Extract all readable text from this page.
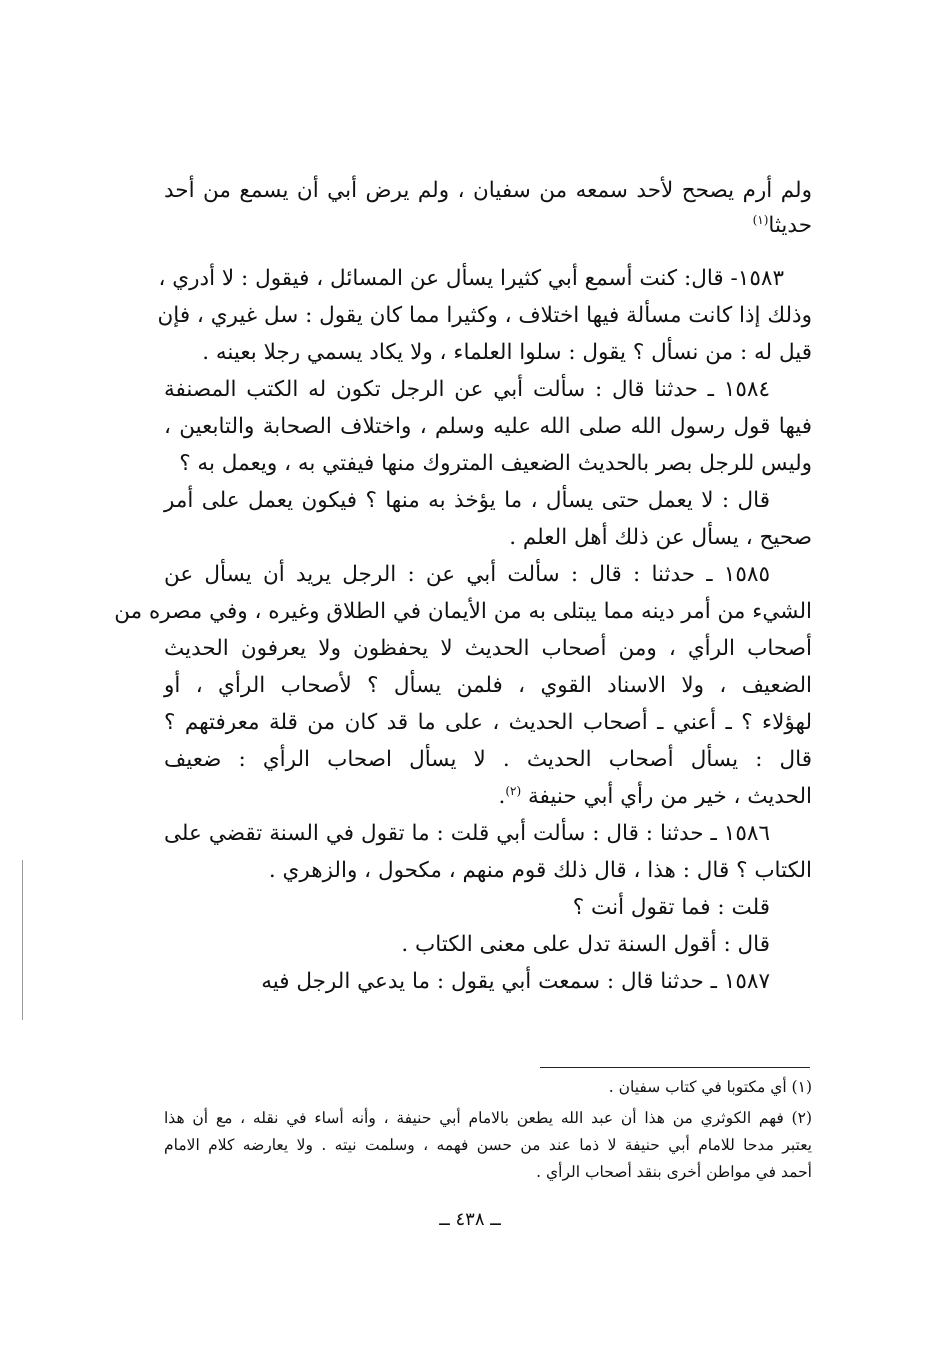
ولم أرم يصحح لأحد سمعه من سفيان ، ولم يرض أبي أن يسمع من أحد
حديثا$^{(١)}$
١٥٨٣- قال: كنت أسمع أبي كثيرا يسأل عن المسائل ، فيقول : لا أدري ،
وذلك إذا كانت مسألة فيها اختلاف ، وكثيرا مما كان يقول : سل غيري ، فإن
قيل له : من نسأل ؟ يقول : سلوا العلماء ، ولا يكاد يسمي رجلا بعينه .
١٥٨٤ ـ حدثنا قال : سألت أبي عن الرجل تكون له الكتب المصنفة
فيها قول رسول الله صلى الله عليه وسلم ، واختلاف الصحابة والتابعين ،
وليس للرجل بصر بالحديث الضعيف المتروك منها فيفتي به ، ويعمل به ؟
قال : لا يعمل حتى يسأل ، ما يؤخذ به منها ؟ فيكون يعمل على أمر
صحيح ، يسأل عن ذلك أهل العلم .
١٥٨٥ ـ حدثنا : قال : سألت أبي عن : الرجل يريد أن يسأل عن
الشيء من أمر دينه مما يبتلى به من الأيمان في الطلاق وغيره ، وفي مصره من
أصحاب الرأي ، ومن أصحاب الحديث لا يحفظون ولا يعرفون الحديث
الضعيف ، ولا الاسناد القوي ، فلمن يسأل ؟ لأصحاب الرأي ، أو
لهؤلاء ؟ ـ أعني ـ أصحاب الحديث ، على ما قد كان من قلة معرفتهم ؟
قال : يسأل أصحاب الحديث . لا يسأل اصحاب الرأي : ضعيف
الحديث ، خير من رأي أبي حنيفة $^{(٢)}$.
١٥٨٦ ـ حدثنا : قال : سألت أبي قلت : ما تقول في السنة تقضي على
الكتاب ؟ قال : هذا ، قال ذلك قوم منهم ، مكحول ، والزهري .
قلت : فما تقول أنت ؟
قال : أقول السنة تدل على معنى الكتاب .
١٥٨٧ ـ حدثنا قال : سمعت أبي يقول : ما يدعي الرجل فيه
(١) أي مكتوبا في كتاب سفيان .
(٢) فهم الكوثري من هذا أن عبد الله يطعن بالامام أبي حنيفة ، وأنه أساء في نقله ، مع أن هذا
يعتبر مدحا للامام أبي حنيفة لا ذما عند من حسن فهمه ، وسلمت نيته . ولا يعارضه كلام الامام
أحمد في مواطن أخرى بنقد أصحاب الرأي .
ــ ٤٣٨ ــ
